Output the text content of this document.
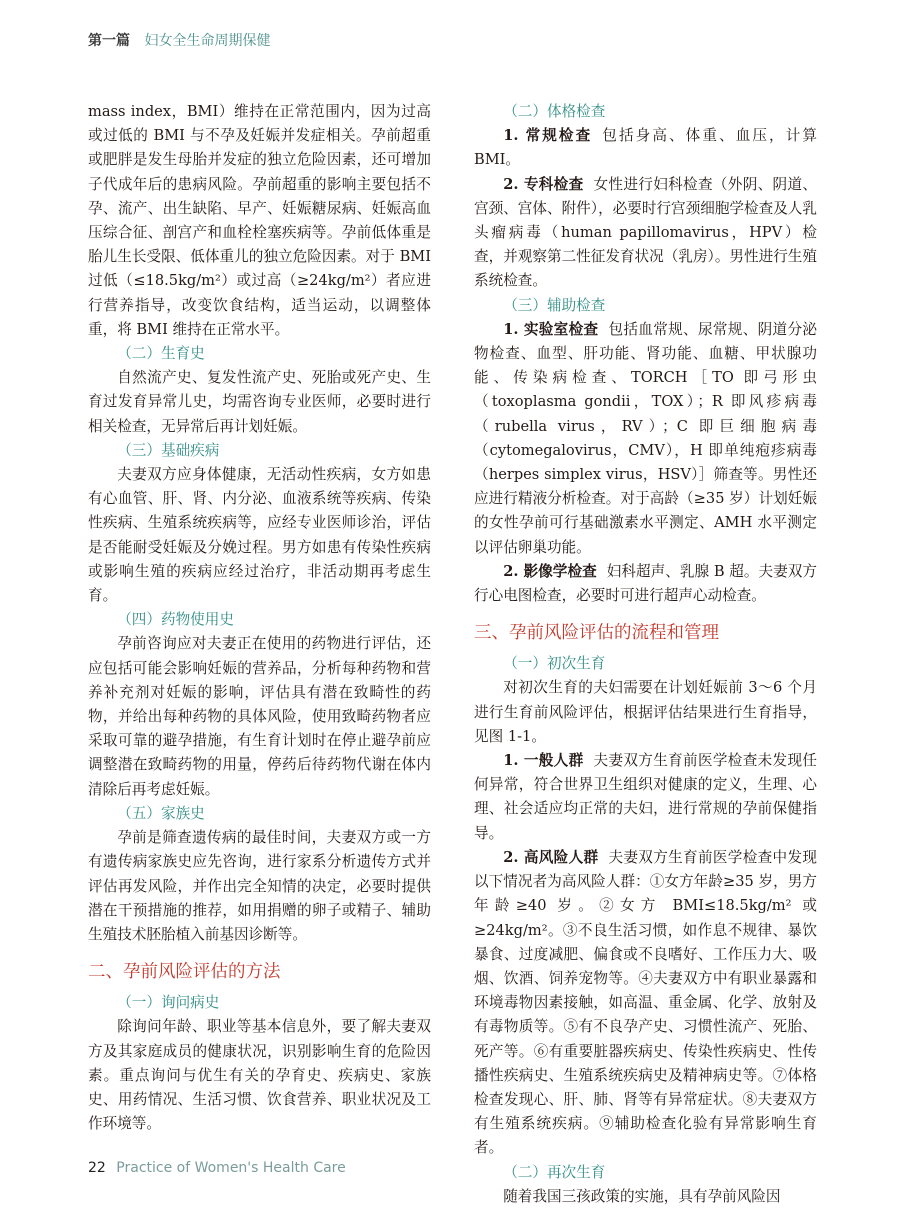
第一篇 妇女全生命周期保健

mass index，BMI）维持在正常范围内，因为过高或过低的 BMI 与不孕及妊娠并发症相关。孕前超重或肥胖是发生母胎并发症的独立危险因素，还可增加子代成年后的患病风险。孕前超重的影响主要包括不孕、流产、出生缺陷、早产、妊娠糖尿病、妊娠高血压综合征、剖宫产和血栓栓塞疾病等。孕前低体重是胎儿生长受限、低体重儿的独立危险因素。对于 BMI 过低（≤18.5kg/m²）或过高（≥24kg/m²）者应进行营养指导，改变饮食结构，适当运动，以调整体重，将 BMI 维持在正常水平。

（二）生育史

自然流产史、复发性流产史、死胎或死产史、生育过发育异常儿史，均需咨询专业医师，必要时进行相关检查，无异常后再计划妊娠。

（三）基础疾病

夫妻双方应身体健康，无活动性疾病，女方如患有心血管、肝、肾、内分泌、血液系统等疾病、传染性疾病、生殖系统疾病等，应经专业医师诊治，评估是否能耐受妊娠及分娩过程。男方如患有传染性疾病或影响生殖的疾病应经过治疗，非活动期再考虑生育。

（四）药物使用史

孕前咨询应对夫妻正在使用的药物进行评估，还应包括可能会影响妊娠的营养品，分析每种药物和营养补充剂对妊娠的影响，评估具有潜在致畸性的药物，并给出每种药物的具体风险，使用致畸药物者应采取可靠的避孕措施，有生育计划时在停止避孕前应调整潜在致畸药物的用量，停药后待药物代谢在体内清除后再考虑妊娠。

（五）家族史

孕前是筛查遗传病的最佳时间，夫妻双方或一方有遗传病家族史应先咨询，进行家系分析遗传方式并评估再发风险，并作出完全知情的决定，必要时提供潜在干预措施的推荐，如用捐赠的卵子或精子、辅助生殖技术胚胎植入前基因诊断等。

二、孕前风险评估的方法
（一）询问病史

除询问年龄、职业等基本信息外，要了解夫妻双方及其家庭成员的健康状况，识别影响生育的危险因素。重点询问与优生有关的孕育史、疾病史、家族史、用药情况、生活习惯、饮食营养、职业状况及工作环境等。

（二）体格检查

1. 常规检查 包括身高、体重、血压，计算BMI。

2. 专科检查 女性进行妇科检查（外阴、阴道、宫颈、宫体、附件），必要时行宫颈细胞学检查及人乳头瘤病毒（human papillomavirus，HPV）检查，并观察第二性征发育状况（乳房）。男性进行生殖系统检查。

（三）辅助检查

1. 实验室检查 包括血常规、尿常规、阴道分泌物检查、血型、肝功能、肾功能、血糖、甲状腺功能、传染病检查、TORCH［TO 即弓形虫（toxoplasma gondii，TOX）；R 即风疹病毒（rubella virus，RV）；C 即巨细胞病毒（cytomegalovirus，CMV），H 即单纯疱疹病毒（herpes simplex virus，HSV）］筛查等。男性还应进行精液分析检查。对于高龄（≥35 岁）计划妊娠的女性孕前可行基础激素水平测定、AMH 水平测定以评估卵巢功能。

2. 影像学检查 妇科超声、乳腺 B 超。夫妻双方行心电图检查，必要时可进行超声心动检查。

三、孕前风险评估的流程和管理
（一）初次生育

对初次生育的夫妇需要在计划妊娠前 3～6 个月进行生育前风险评估，根据评估结果进行生育指导，见图 1-1。

1. 一般人群 夫妻双方生育前医学检查未发现任何异常，符合世界卫生组织对健康的定义，生理、心理、社会适应均正常的夫妇，进行常规的孕前保健指导。

2. 高风险人群 夫妻双方生育前医学检查中发现以下情况者为高风险人群：①女方年龄≥35 岁，男方年龄≥40 岁。②女方 BMI≤18.5kg/m² 或≥24kg/m²。③不良生活习惯，如作息不规律、暴饮暴食、过度减肥、偏食或不良嗜好、工作压力大、吸烟、饮酒、饲养宠物等。④夫妻双方中有职业暴露和环境毒物因素接触，如高温、重金属、化学、放射及有毒物质等。⑤有不良孕产史、习惯性流产、死胎、死产等。⑥有重要脏器疾病史、传染性疾病史、性传播性疾病史、生殖系统疾病史及精神病史等。⑦体格检查发现心、肝、肺、肾等有异常症状。⑧夫妻双方有生殖系统疾病。⑨辅助检查化验有异常影响生育者。

（二）再次生育

随着我国三孩政策的实施，具有孕前风险因

22 Practice of Women's Health Care
